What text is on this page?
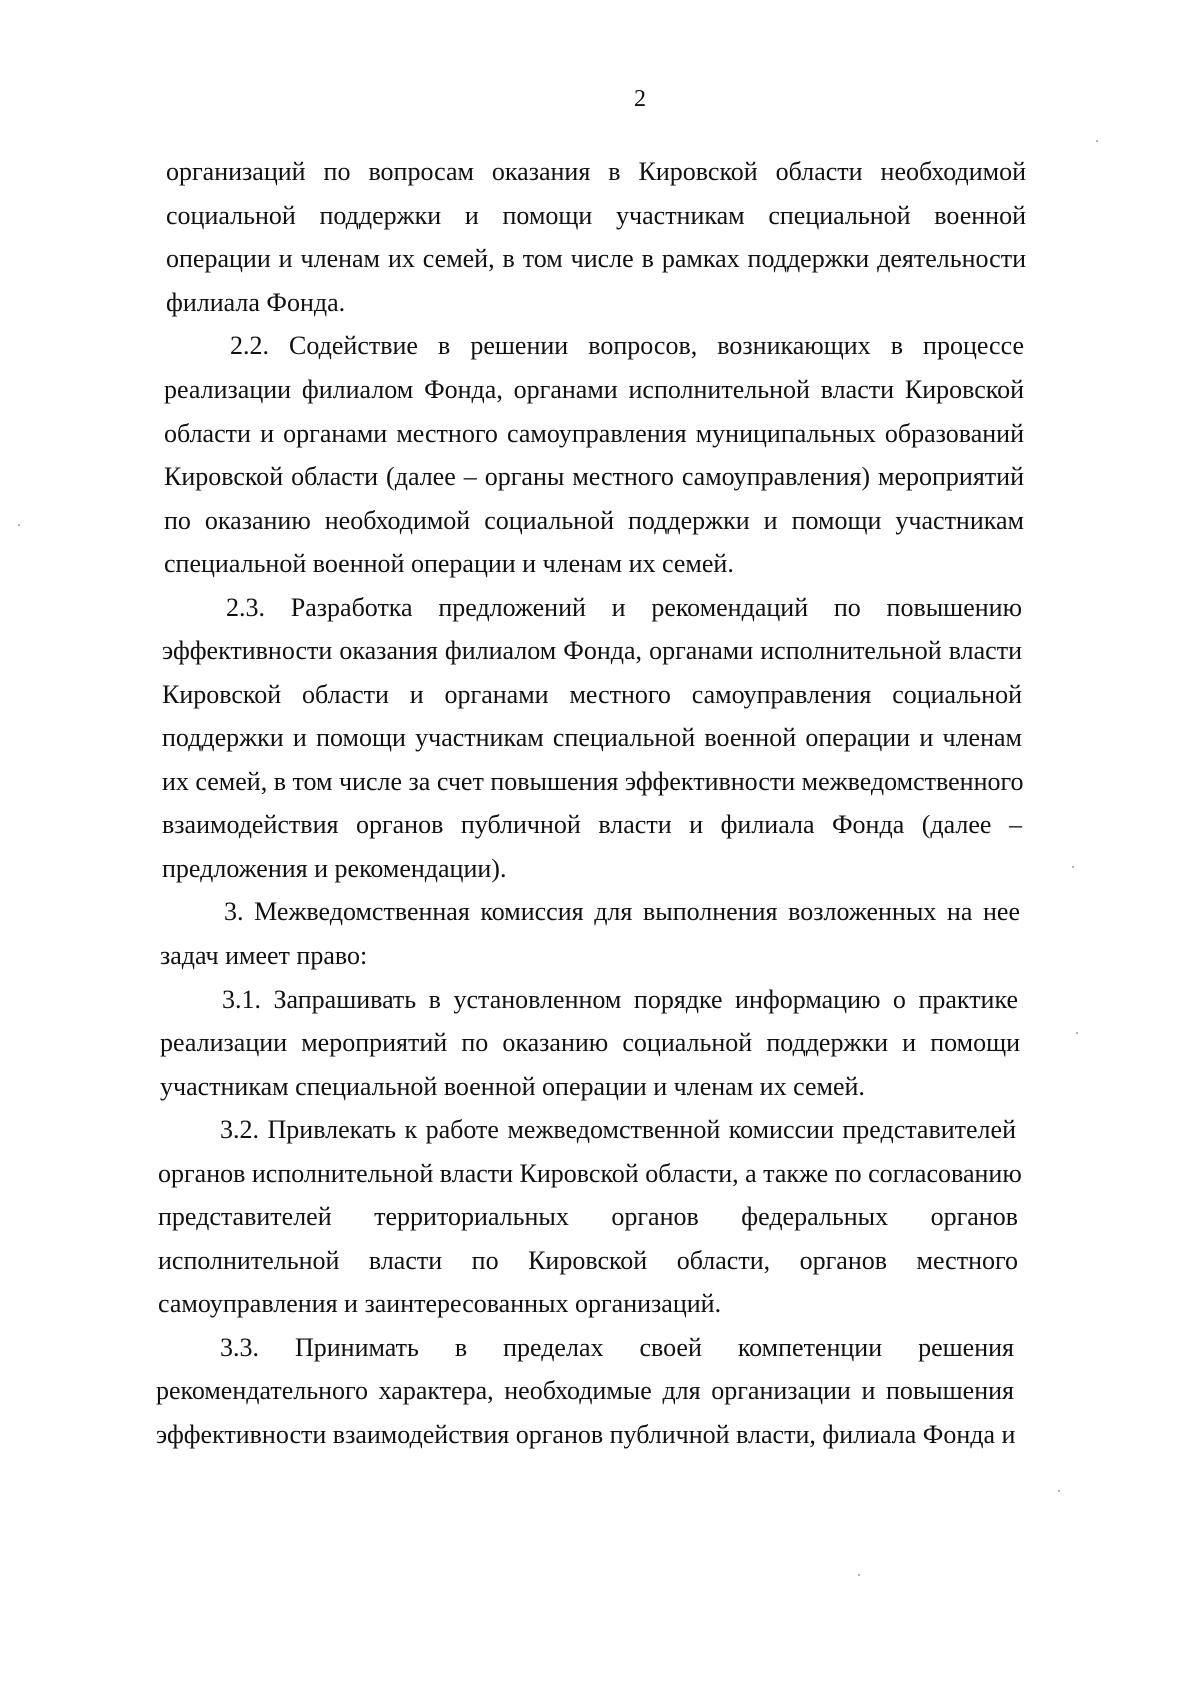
2
организаций по вопросам оказания в Кировской области необходимой
социальной поддержки и помощи участникам специальной военной
операции и членам их семей, в том числе в рамках поддержки деятельности
филиала Фонда.
2.2. Содействие в решении вопросов, возникающих в процессе
реализации филиалом Фонда, органами исполнительной власти Кировской
области и органами местного самоуправления муниципальных образований
Кировской области (далее – органы местного самоуправления) мероприятий
по оказанию необходимой социальной поддержки и помощи участникам
специальной военной операции и членам их семей.
2.3. Разработка предложений и рекомендаций по повышению
эффективности оказания филиалом Фонда, органами исполнительной власти
Кировской области и органами местного самоуправления социальной
поддержки и помощи участникам специальной военной операции и членам
их семей, в том числе за счет повышения эффективности межведомственного
взаимодействия органов публичной власти и филиала Фонда (далее –
предложения и рекомендации).
3. Межведомственная комиссия для выполнения возложенных на нее
задач имеет право:
3.1. Запрашивать в установленном порядке информацию о практике
реализации мероприятий по оказанию социальной поддержки и помощи
участникам специальной военной операции и членам их семей.
3.2. Привлекать к работе межведомственной комиссии представителей
органов исполнительной власти Кировской области, а также по согласованию
представителей территориальных органов федеральных органов
исполнительной власти по Кировской области, органов местного
самоуправления и заинтересованных организаций.
3.3. Принимать в пределах своей компетенции решения
рекомендательного характера, необходимые для организации и повышения
эффективности взаимодействия органов публичной власти, филиала Фонда и
